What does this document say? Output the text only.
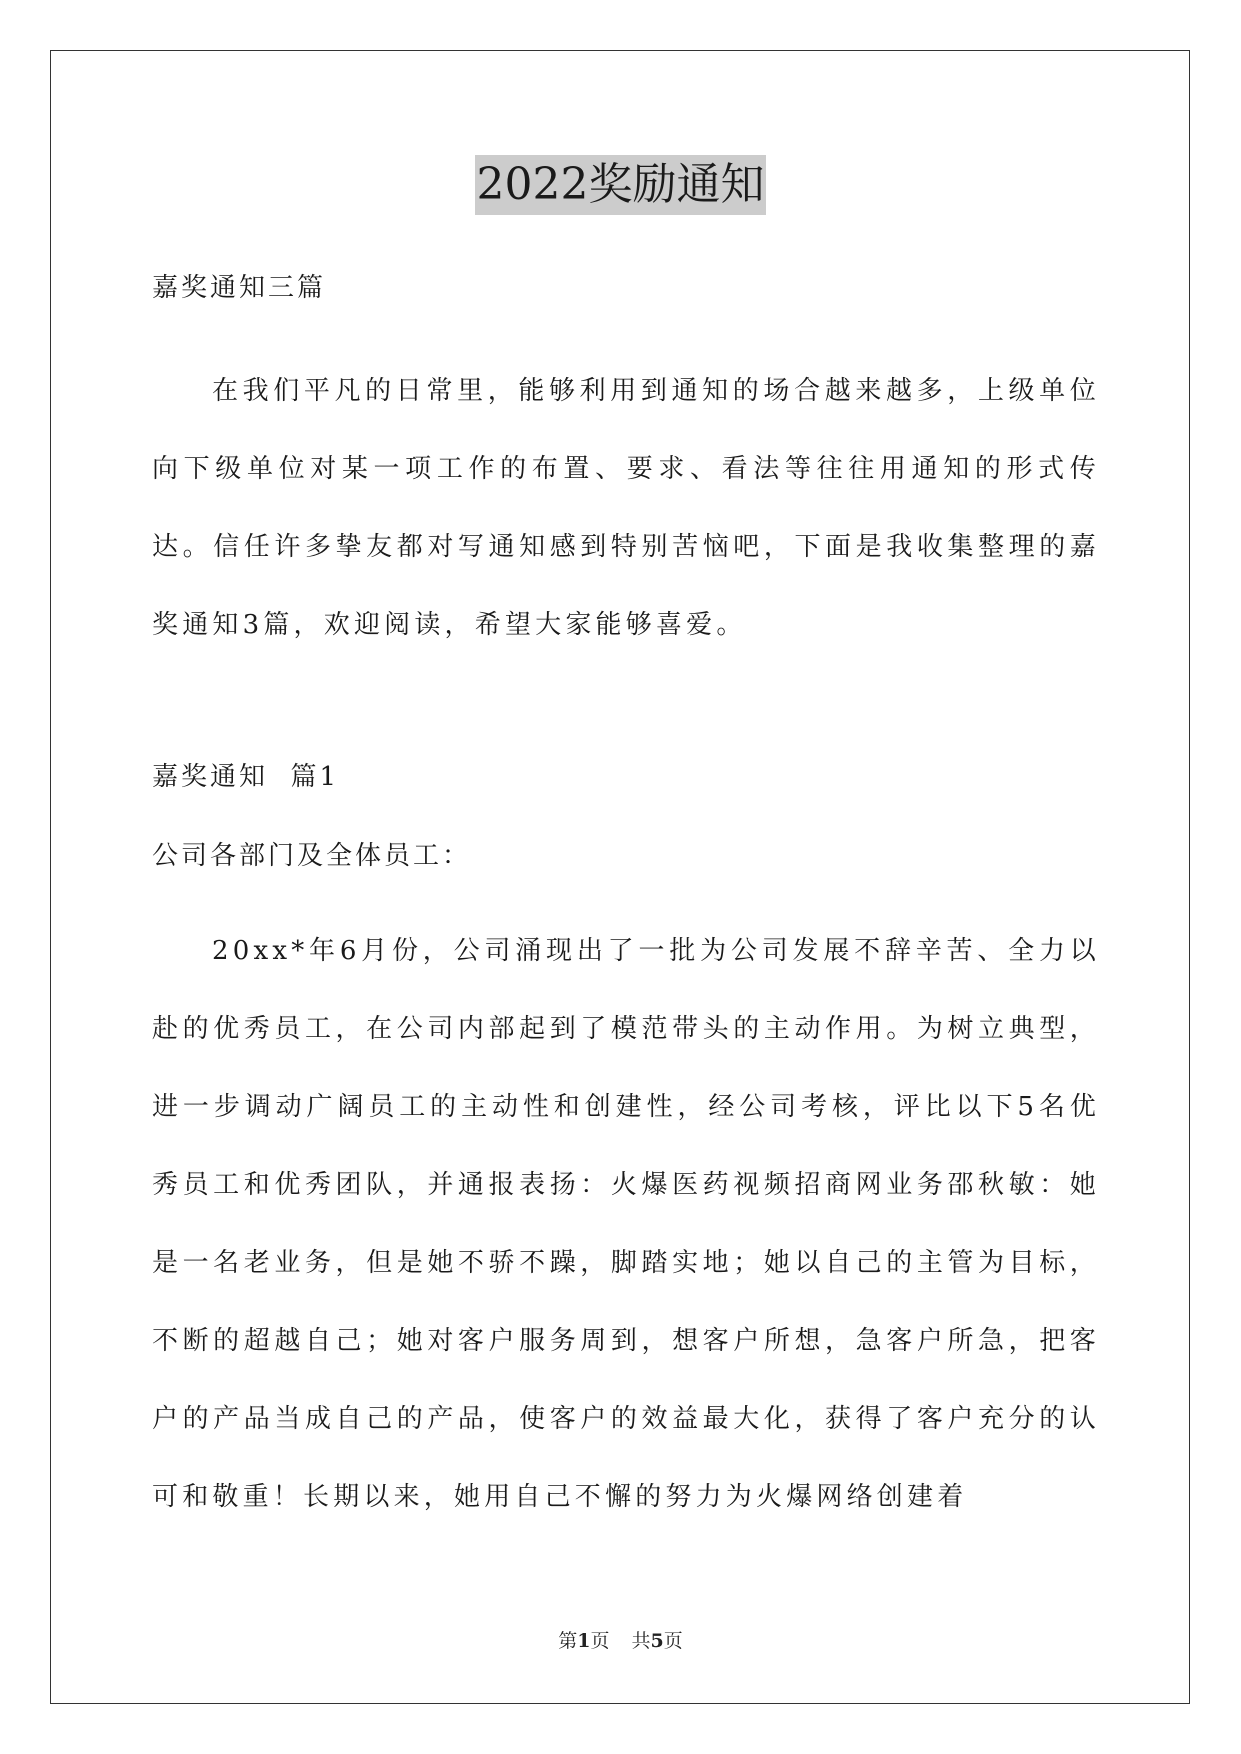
2022奖励通知

嘉奖通知三篇

在我们平凡的日常里，能够利用到通知的场合越来越多，上级单位向下级单位对某一项工作的布置、要求、看法等往往用通知的形式传达。信任许多挚友都对写通知感到特别苦恼吧，下面是我收集整理的嘉奖通知3篇，欢迎阅读，希望大家能够喜爱。

嘉奖通知  篇1

公司各部门及全体员工：

20xx*年6月份，公司涌现出了一批为公司发展不辞辛苦、全力以赴的优秀员工，在公司内部起到了模范带头的主动作用。为树立典型，进一步调动广阔员工的主动性和创建性，经公司考核，评比以下5名优秀员工和优秀团队，并通报表扬：火爆医药视频招商网业务邵秋敏：她是一名老业务，但是她不骄不躁，脚踏实地；她以自己的主管为目标，不断的超越自己；她对客户服务周到，想客户所想，急客户所急，把客户的产品当成自己的产品，使客户的效益最大化，获得了客户充分的认可和敬重！长期以来，她用自己不懈的努力为火爆网络创建着

第1页 共5页
